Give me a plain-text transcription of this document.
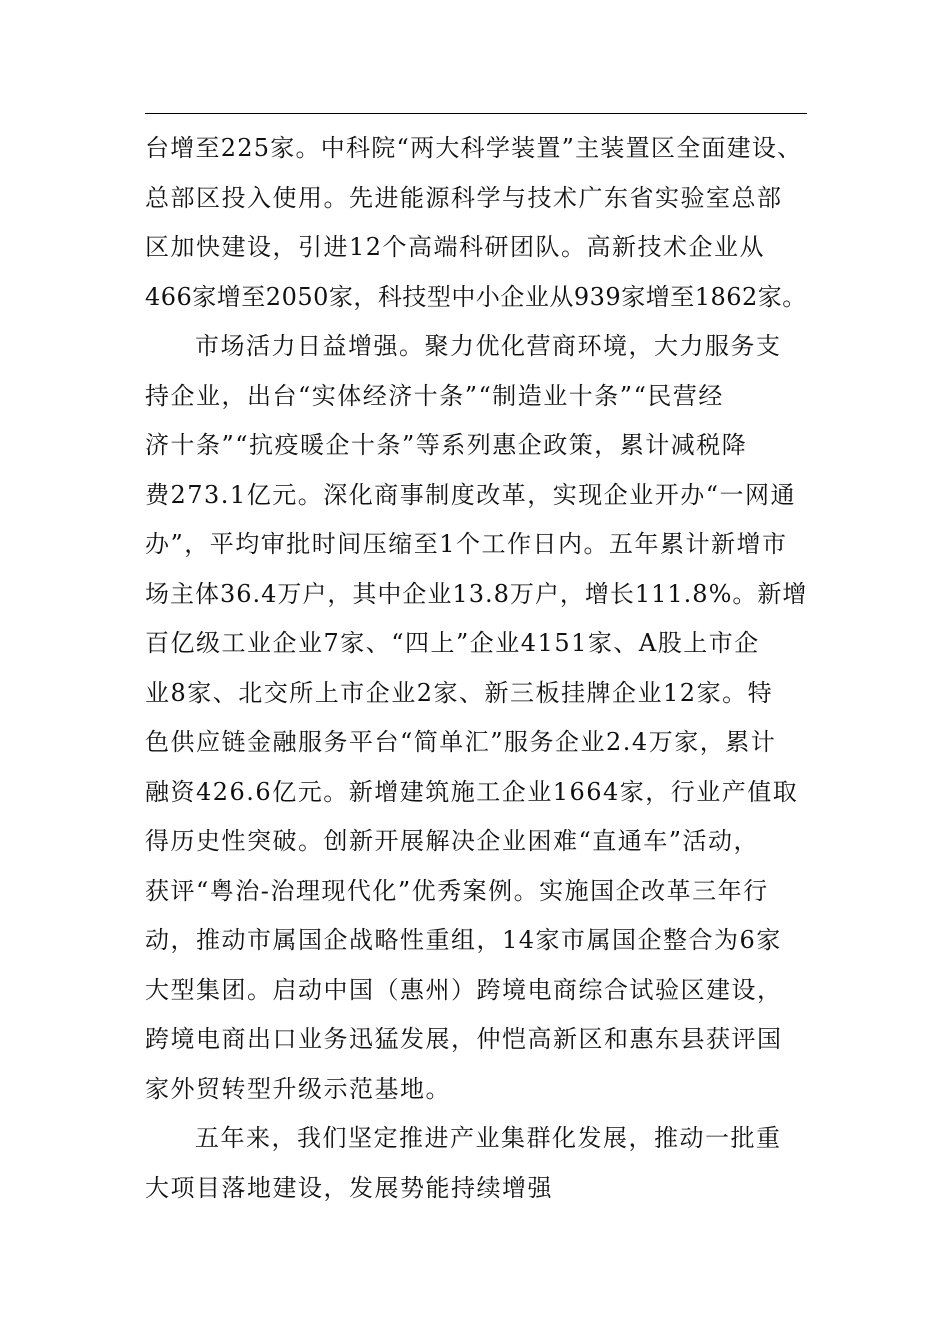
台增至225家。中科院“两大科学装置”主装置区全面建设、
总部区投入使用。先进能源科学与技术广东省实验室总部
区加快建设，引进12个高端科研团队。高新技术企业从
466家增至2050家，科技型中小企业从939家增至1862家。
市场活力日益增强。聚力优化营商环境，大力服务支
持企业，出台“实体经济十条”“制造业十条”“民营经
济十条”“抗疫暖企十条”等系列惠企政策，累计减税降
费273.1亿元。深化商事制度改革，实现企业开办“一网通
办”，平均审批时间压缩至1个工作日内。五年累计新增市
场主体36.4万户，其中企业13.8万户，增长111.8%。新增
百亿级工业企业7家、“四上”企业4151家、A股上市企
业8家、北交所上市企业2家、新三板挂牌企业12家。特
色供应链金融服务平台“简单汇”服务企业2.4万家，累计
融资426.6亿元。新增建筑施工企业1664家，行业产值取
得历史性突破。创新开展解决企业困难“直通车”活动，
获评“粤治-治理现代化”优秀案例。实施国企改革三年行
动，推动市属国企战略性重组，14家市属国企整合为6家
大型集团。启动中国（惠州）跨境电商综合试验区建设，
跨境电商出口业务迅猛发展，仲恺高新区和惠东县获评国
家外贸转型升级示范基地。
五年来，我们坚定推进产业集群化发展，推动一批重
大项目落地建设，发展势能持续增强
